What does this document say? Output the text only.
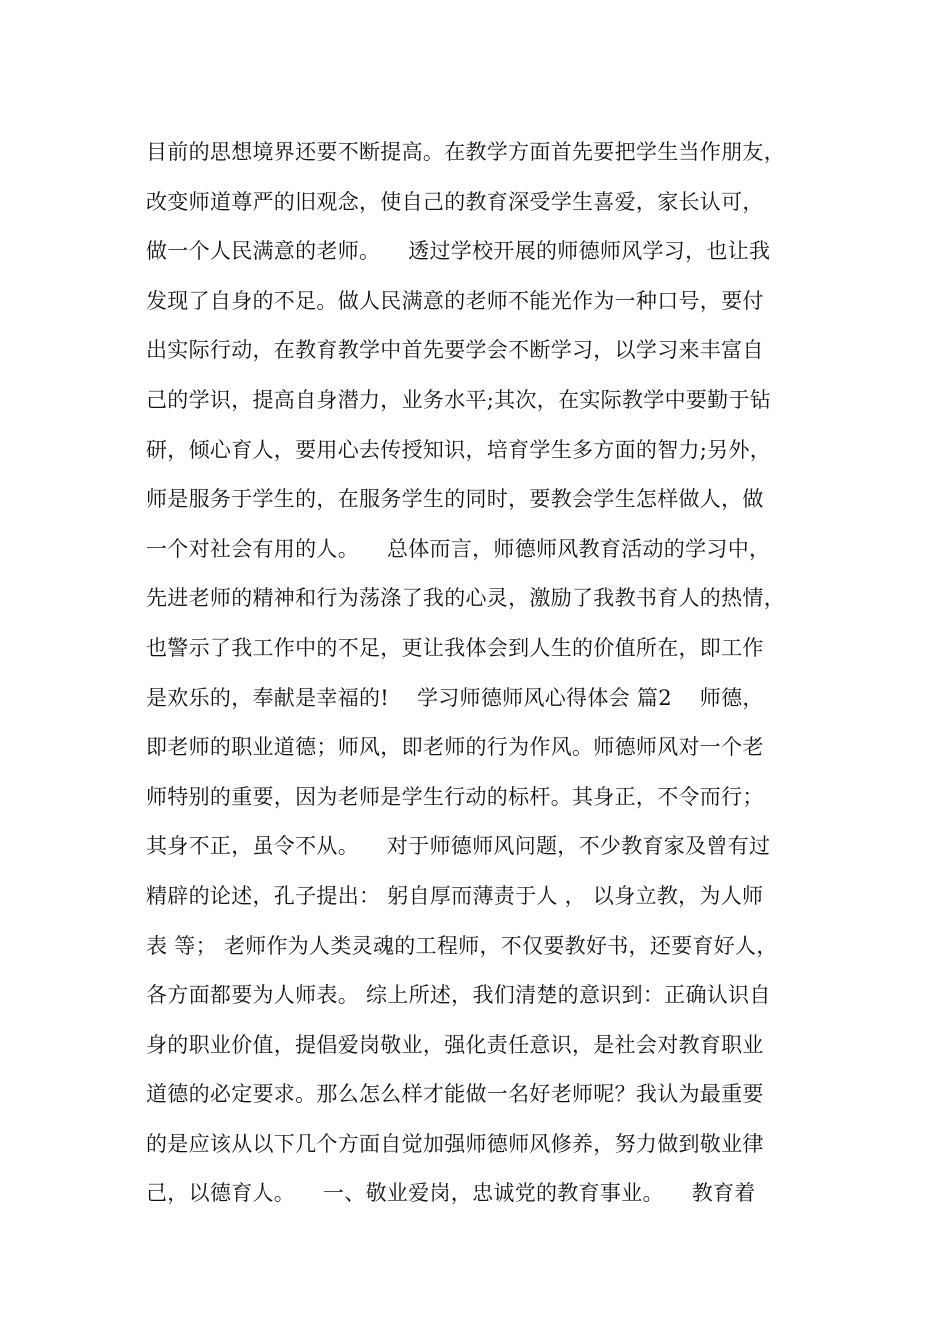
目前的思想境界还要不断提高。在教学方面首先要把学生当作朋友，
改变师道尊严的旧观念，使自己的教育深受学生喜爱，家长认可，
做一个人民满意的老师。    透过学校开展的师德师风学习，也让我
发现了自身的不足。做人民满意的老师不能光作为一种口号，要付
出实际行动，在教育教学中首先要学会不断学习，以学习来丰富自
己的学识，提高自身潜力，业务水平;其次，在实际教学中要勤于钻
研，倾心育人，要用心去传授知识，培育学生多方面的智力;另外，
师是服务于学生的，在服务学生的同时，要教会学生怎样做人，做
一个对社会有用的人。    总体而言，师德师风教育活动的学习中，
先进老师的精神和行为荡涤了我的心灵，激励了我教书育人的热情，
也警示了我工作中的不足，更让我体会到人生的价值所在，即工作
是欢乐的，奉献是幸福的!    学习师德师风心得体会 篇2    师德，
即老师的职业道德；师风，即老师的行为作风。师德师风对一个老
师特别的重要，因为老师是学生行动的标杆。其身正，不令而行；
其身不正，虽令不从。    对于师德师风问题，不少教育家及曾有过
精辟的论述，孔子提出： 躬自厚而薄责于人 ， 以身立教，为人师
表 等； 老师作为人类灵魂的工程师，不仅要教好书，还要育好人，
各方面都要为人师表。 综上所述，我们清楚的意识到：正确认识自
身的职业价值，提倡爱岗敬业，强化责任意识，是社会对教育职业
道德的必定要求。那么怎么样才能做一名好老师呢？我认为最重要
的是应该从以下几个方面自觉加强师德师风修养，努力做到敬业律
己，以德育人。    一、敬业爱岗，忠诚党的教育事业。    教育着
